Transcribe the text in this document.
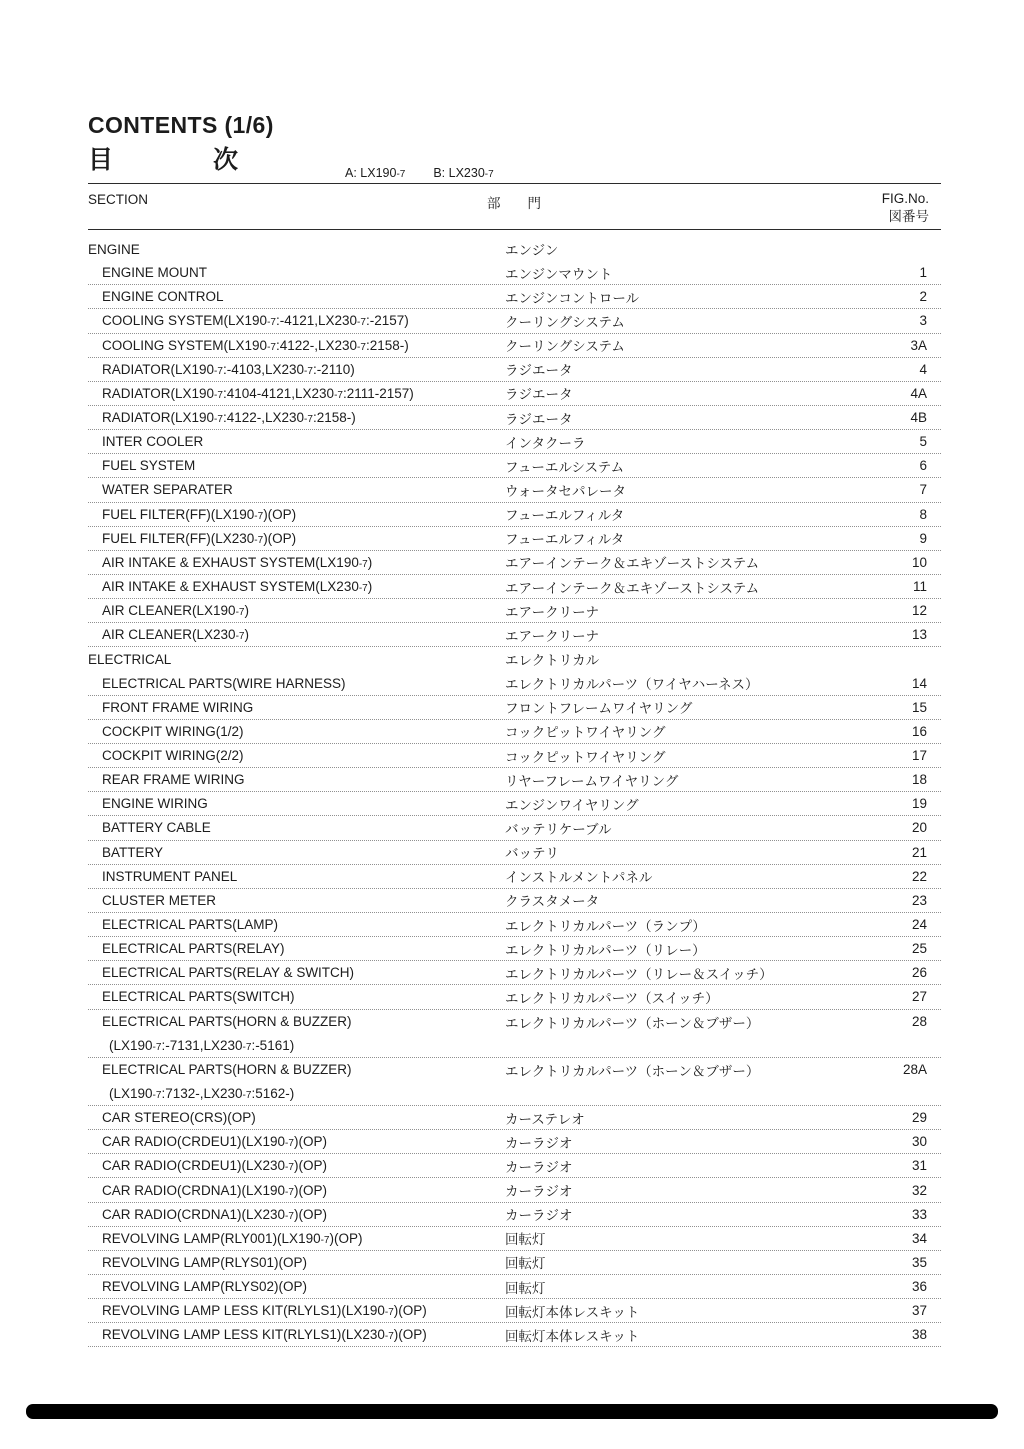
CONTENTS (1/6)
目　　　　次	A: LX190-7 B: LX230-7
SECTION	部　　門	FIG.No.
図番号
ENGINE	エンジン
ENGINE MOUNT	エンジンマウント	1
ENGINE CONTROL	エンジンコントロール	2
COOLING SYSTEM(LX190-7:-4121,LX230-7:-2157)	クーリングシステム	3
COOLING SYSTEM(LX190-7:4122-,LX230-7:2158-)	クーリングシステム	3A
RADIATOR(LX190-7:-4103,LX230-7:-2110)	ラジエータ	4
RADIATOR(LX190-7:4104-4121,LX230-7:2111-2157)	ラジエータ	4A
RADIATOR(LX190-7:4122-,LX230-7:2158-)	ラジエータ	4B
INTER COOLER	インタクーラ	5
FUEL SYSTEM	フューエルシステム	6
WATER SEPARATER	ウォータセパレータ	7
FUEL FILTER(FF)(LX190-7)(OP)	フューエルフィルタ	8
FUEL FILTER(FF)(LX230-7)(OP)	フューエルフィルタ	9
AIR INTAKE & EXHAUST SYSTEM(LX190-7)	エアーインテーク＆エキゾーストシステム	10
AIR INTAKE & EXHAUST SYSTEM(LX230-7)	エアーインテーク＆エキゾーストシステム	11
AIR CLEANER(LX190-7)	エアークリーナ	12
AIR CLEANER(LX230-7)	エアークリーナ	13
ELECTRICAL	エレクトリカル
ELECTRICAL PARTS(WIRE HARNESS)	エレクトリカルパーツ（ワイヤハーネス）	14
FRONT FRAME WIRING	フロントフレームワイヤリング	15
COCKPIT WIRING(1/2)	コックピットワイヤリング	16
COCKPIT WIRING(2/2)	コックピットワイヤリング	17
REAR FRAME WIRING	リヤーフレームワイヤリング	18
ENGINE WIRING	エンジンワイヤリング	19
BATTERY CABLE	バッテリケーブル	20
BATTERY	バッテリ	21
INSTRUMENT PANEL	インストルメントパネル	22
CLUSTER METER	クラスタメータ	23
ELECTRICAL PARTS(LAMP)	エレクトリカルパーツ（ランプ）	24
ELECTRICAL PARTS(RELAY)	エレクトリカルパーツ（リレー）	25
ELECTRICAL PARTS(RELAY & SWITCH)	エレクトリカルパーツ（リレー＆スイッチ）	26
ELECTRICAL PARTS(SWITCH)	エレクトリカルパーツ（スイッチ）	27
ELECTRICAL PARTS(HORN & BUZZER)	エレクトリカルパーツ（ホーン＆ブザー）	28
(LX190-7:-7131,LX230-7:-5161)
ELECTRICAL PARTS(HORN & BUZZER)	エレクトリカルパーツ（ホーン＆ブザー）	28A
(LX190-7:7132-,LX230-7:5162-)
CAR STEREO(CRS)(OP)	カーステレオ	29
CAR RADIO(CRDEU1)(LX190-7)(OP)	カーラジオ	30
CAR RADIO(CRDEU1)(LX230-7)(OP)	カーラジオ	31
CAR RADIO(CRDNA1)(LX190-7)(OP)	カーラジオ	32
CAR RADIO(CRDNA1)(LX230-7)(OP)	カーラジオ	33
REVOLVING LAMP(RLY001)(LX190-7)(OP)	回転灯	34
REVOLVING LAMP(RLYS01)(OP)	回転灯	35
REVOLVING LAMP(RLYS02)(OP)	回転灯	36
REVOLVING LAMP LESS KIT(RLYLS1)(LX190-7)(OP)	回転灯本体レスキット	37
REVOLVING LAMP LESS KIT(RLYLS1)(LX230-7)(OP)	回転灯本体レスキット	38
